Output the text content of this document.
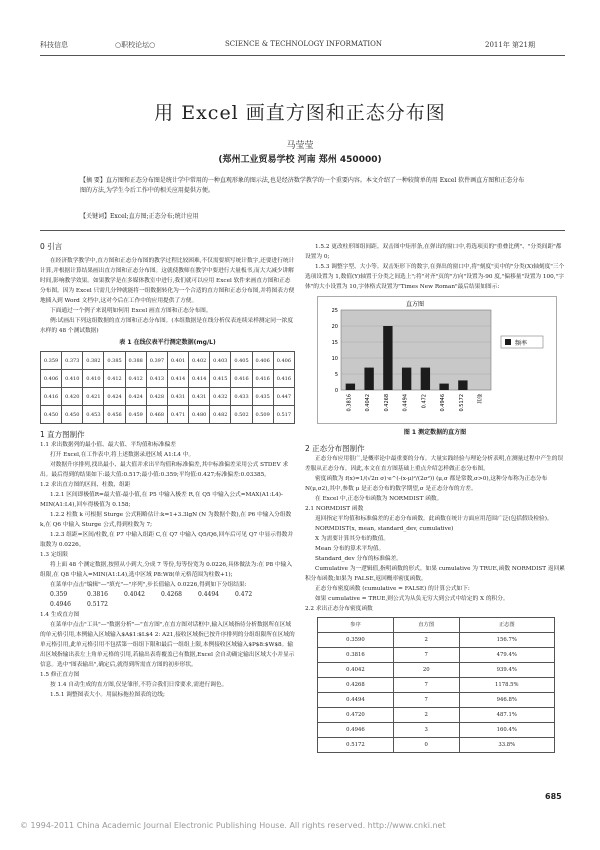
科技信息	○职校论坛○	SCIENCE & TECHNOLOGY INFORMATION	2011年 第21期
用 Excel 画直方图和正态分布图
马莹莹
(郑州工业贸易学校 河南 郑州 450000)
【摘 要】直方图和正态分布图是统计学中常用的一种直观形象的图示法,也是经济数学教学的一个重要内容。本文介绍了一种较简单的用 Excel 软件画直方图和正态分布图的方法,为学生今后工作中的相关应用提供方便。
【关键词】Excel;直方图;正态分布;统计应用
0 引言

在经济数学教学中,直方图和正态分布图的教学过程比较困难,不仅需要填写统计数字,还要进行统计计算,并根据计算结果画出直方图和正态分布图。这就使教师在教学中要进行大量板书,而大大减少讲解时间,影响教学效果。如果教学是在多媒体教室中进行,我们就可以应用 Excel 软件来画直方图和正态分布图。因为 Excel 只需几分钟就能将一组数据转化为一个合适的直方图和正态分布图,并将图表方便地插入到 Word 文档中,这对今后在工作中的应用提供了方便。

下面通过一个例子来说明如何用 Excel 画直方图和正态分布图。

例:试画出下列这组数据的直方图和正态分布图。(本组数据是在线分析仪表连续采样测定同一浓度水样的 48 个测试数据)

表 1 在线仪表平行测定数据(mg/L)
0.359	0.373	0.382	0.385	0.388	0.397	0.401	0.402	0.403	0.405	0.406	0.406
0.406	0.410	0.410	0.412	0.412	0.413	0.414	0.414	0.415	0.416	0.416	0.416
0.416	0.420	0.421	0.424	0.424	0.428	0.431	0.431	0.432	0.433	0.435	0.447
0.450	0.450	0.453	0.456	0.459	0.468	0.471	0.480	0.482	0.502	0.509	0.517
1 直方图制作
1.1 求出数据列的最小值、最大值、平均值和标准偏差

打开 Excel,在工作表中,将上述数据录进区域 A1:L4 中。

对数据升序排列,找出最小、最大值并求出平均值和标准偏差,其中标准偏差采用公式 STDEV 求出。最后得到的结果如下:最大值:0.517;最小值:0.359;平均值:0.427;标准偏差:0.03385。

1.2 求出直方图的区间、柱数、组距

1.2.1 区间即极值R=最大值-最小值,在 P5 中输入极差 R,在 Q5 中输入公式=MAX(A1:L4)-MIN(A1:L4),回车得极值为 0.158;

1.2.2 柱数 k 可根据 Sturge 公式粗略估计:k=1+3.3lgN (N 为数据个数),在 P6 中输入分组数 k,在 Q6 中输入 Sturge 公式,得到柱数为 7;

1.2.3 组距=区间/柱数,在 P7 中输入组距 C,在 Q7 中输入 Q5/Q6,回车后可见 Q7 中显示得数并取数为 0.0226。

1.3 定组限

将上面 48 个测定数据,按照从小到大,分成 7 等份,每等份宽为 0.0226,具体做法为:在 P8 中输入组限,在 Q8 中输入=MIN(A1:L4),选中区域 P8:W8(单元格范围为柱数+1);

在菜单中点击"编辑"—"填充"—"序列",步长值输入 0.0226,得到如下分组结果:

0.359	0.3816	0.4042	0.4268	0.4494	0.472
0.4946	0.5172
1.4 生成直方图

在菜单中点击"工具"—"数据分析"—"直方图",在直方图对话框中,输入区域指待分析数据所在区域的单元格引用,本例输入区域输入$A$1:$L$4 2: A21,接收区域指已按升序排列的分组组限所在区域的单元格引用,此单元格引用不包括第一组组下限和最后一组组上限,本例接收区域输入$P$8:$W$8。输出区域指输出表左上角单元格的引用,若输出表将覆盖已有数据,Excel 会自动确定输出区域大小并显示信息。选中"图表输出",确定后,就得到所需直方图的初步形状。

1.5 修正直方图

按 1.4 自动生成的直方图,仅是雏形,不符合我们日常要求,需进行调色。

1.5.1 调整图表大小。用鼠标拖拉图表的边线;

1.5.2 更改柱形图组间距。双击图中矩形条,在弹出的窗口中,将选项页的"重叠比例"、"分类间距"都设置为 0;

1.5.3 调整字型、大小等。双击矩形下的数字,在弹出的窗口中,将"刻度"页中的"分类(X)轴刻度"三个选项设置为 1,数值(Y)轴置于分类之间选上";将"对齐"页的"方向"设置为-90 度,"偏移量"设置为 100,"字体"的大小设置为 10,字体格式设置为"Times New Roman"最后结果如图示:

直方图
0
5
10
15
20
25
0.3816	0.4042	0.4268	0.4494	0.472	0.4946	0.5172	其他
频率
图 1 测定数据的直方图
2 正态分布图制作

正态分布应用很广,是概率论中最重要的分布。大量实践经验与理论分析表明,在测量过程中产生的误差服从正态分布。因此,本文在直方图基础上重点介绍怎样做正态分布图。

密度函数为 f(x)=1/(√2π σ)·e^(-(x-μ)²/(2σ²)) (μ,σ 都是常数,σ>0),这种分布称为正态分布 N(μ,σ2),其中,参数 μ 是正态分布的数学期望,σ 是正态分布的方差。

在 Excel 中,正态分布函数为 NORMDIST 函数。

2.1 NORMDIST 函数

返回指定平均值和标准偏差的正态分布函数。此函数在统计方面应用范围广泛(包括假设检验)。

NORMDIST(x, mean, standard_dev, cumulative)

X 为需要计算其分布的数值。

Mean 分布的算术平均值。

Standard_dev 分布的标准偏差。

Cumulative 为一逻辑值,指明函数的形式。如果 cumulative 为 TRUE,函数 NORMDIST 返回累积分布函数;如果为 FALSE,返回概率密度函数。

正态分布密度函数 (cumulative = FALSE) 的计算公式如下:

如果 cumulative = TRUE,则公式为从负无穷大到公式中给定的 X 的积分。

2.2 求出正态分布密度函数
参序	直方图	正态图
0.3590	2	156.7%
0.3816	7	479.4%
0.4042	20	939.4%
0.4268	7	1178.5%
0.4494	7	946.8%
0.4720	2	487.1%
0.4946	3	160.4%
0.5172	0	33.8%
685
© 1994-2011 China Academic Journal Electronic Publishing House. All rights reserved. http://www.cnki.net
